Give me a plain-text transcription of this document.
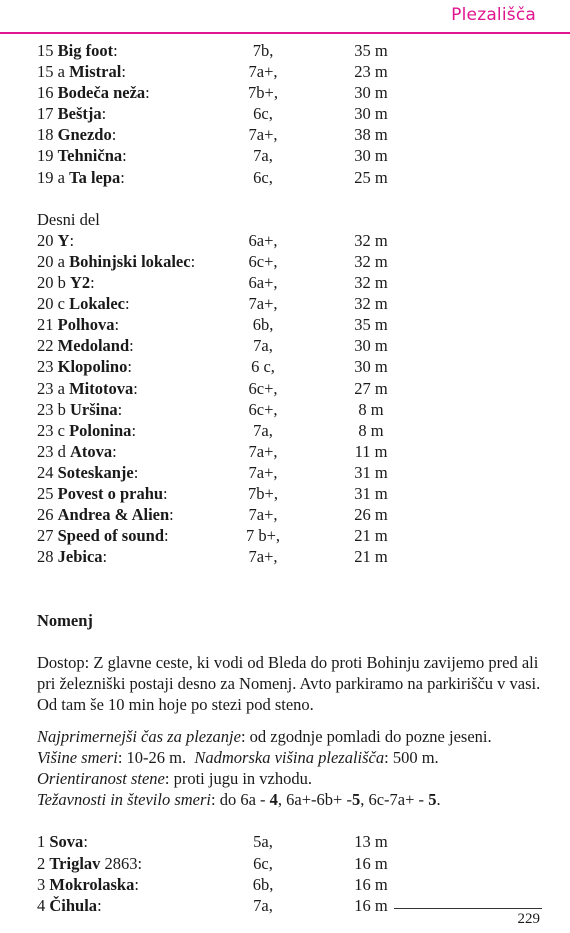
Plezališča
15 Big foot:	7b,	35 m
15 a Mistral:	7a+,	23 m
16 Bodeča neža:	7b+,	30 m
17 Beštja:	6c,	30 m
18 Gnezdo:	7a+,	38 m
19 Tehnična:	7a,	30 m
19 a Ta lepa:	6c,	25 m
Desni del
20 Y:	6a+,	32 m
20 a Bohinjski lokalec:	6c+,	32 m
20 b Y2:	6a+,	32 m
20 c Lokalec:	7a+,	32 m
21 Polhova:	6b,	35 m
22 Medoland:	7a,	30 m
23 Klopolino:	6 c,	30 m
23 a Mitotova:	6c+,	27 m
23 b Uršina:	6c+,	8 m
23 c Polonina:	7a,	8 m
23 d Atova:	7a+,	11 m
24 Soteskanje:	7a+,	31 m
25 Povest o prahu:	7b+,	31 m
26 Andrea & Alien:	7a+,	26 m
27 Speed of sound:	7 b+,	21 m
28 Jebica:	7a+,	21 m
Nomenj

Dostop: Z glavne ceste, ki vodi od Bleda do proti Bohinju zavijemo pred ali pri železniški postaji desno za Nomenj. Avto parkiramo na parkirišču v vasi. Od tam še 10 min hoje po stezi pod steno.

Najprimernejši čas za plezanje: od zgodnje pomladi do pozne jeseni.
Višine smeri: 10-26 m.  Nadmorska višina plezališča: 500 m.
Orientiranost stene: proti jugu in vzhodu.
Težavnosti in število smeri: do 6a - 4, 6a+-6b+ -5, 6c-7a+ - 5.
1 Sova:	5a,	13 m
2 Triglav 2863:	6c,	16 m
3 Mokrolaska:	6b,	16 m
4 Čihula:	7a,	16 m
229
